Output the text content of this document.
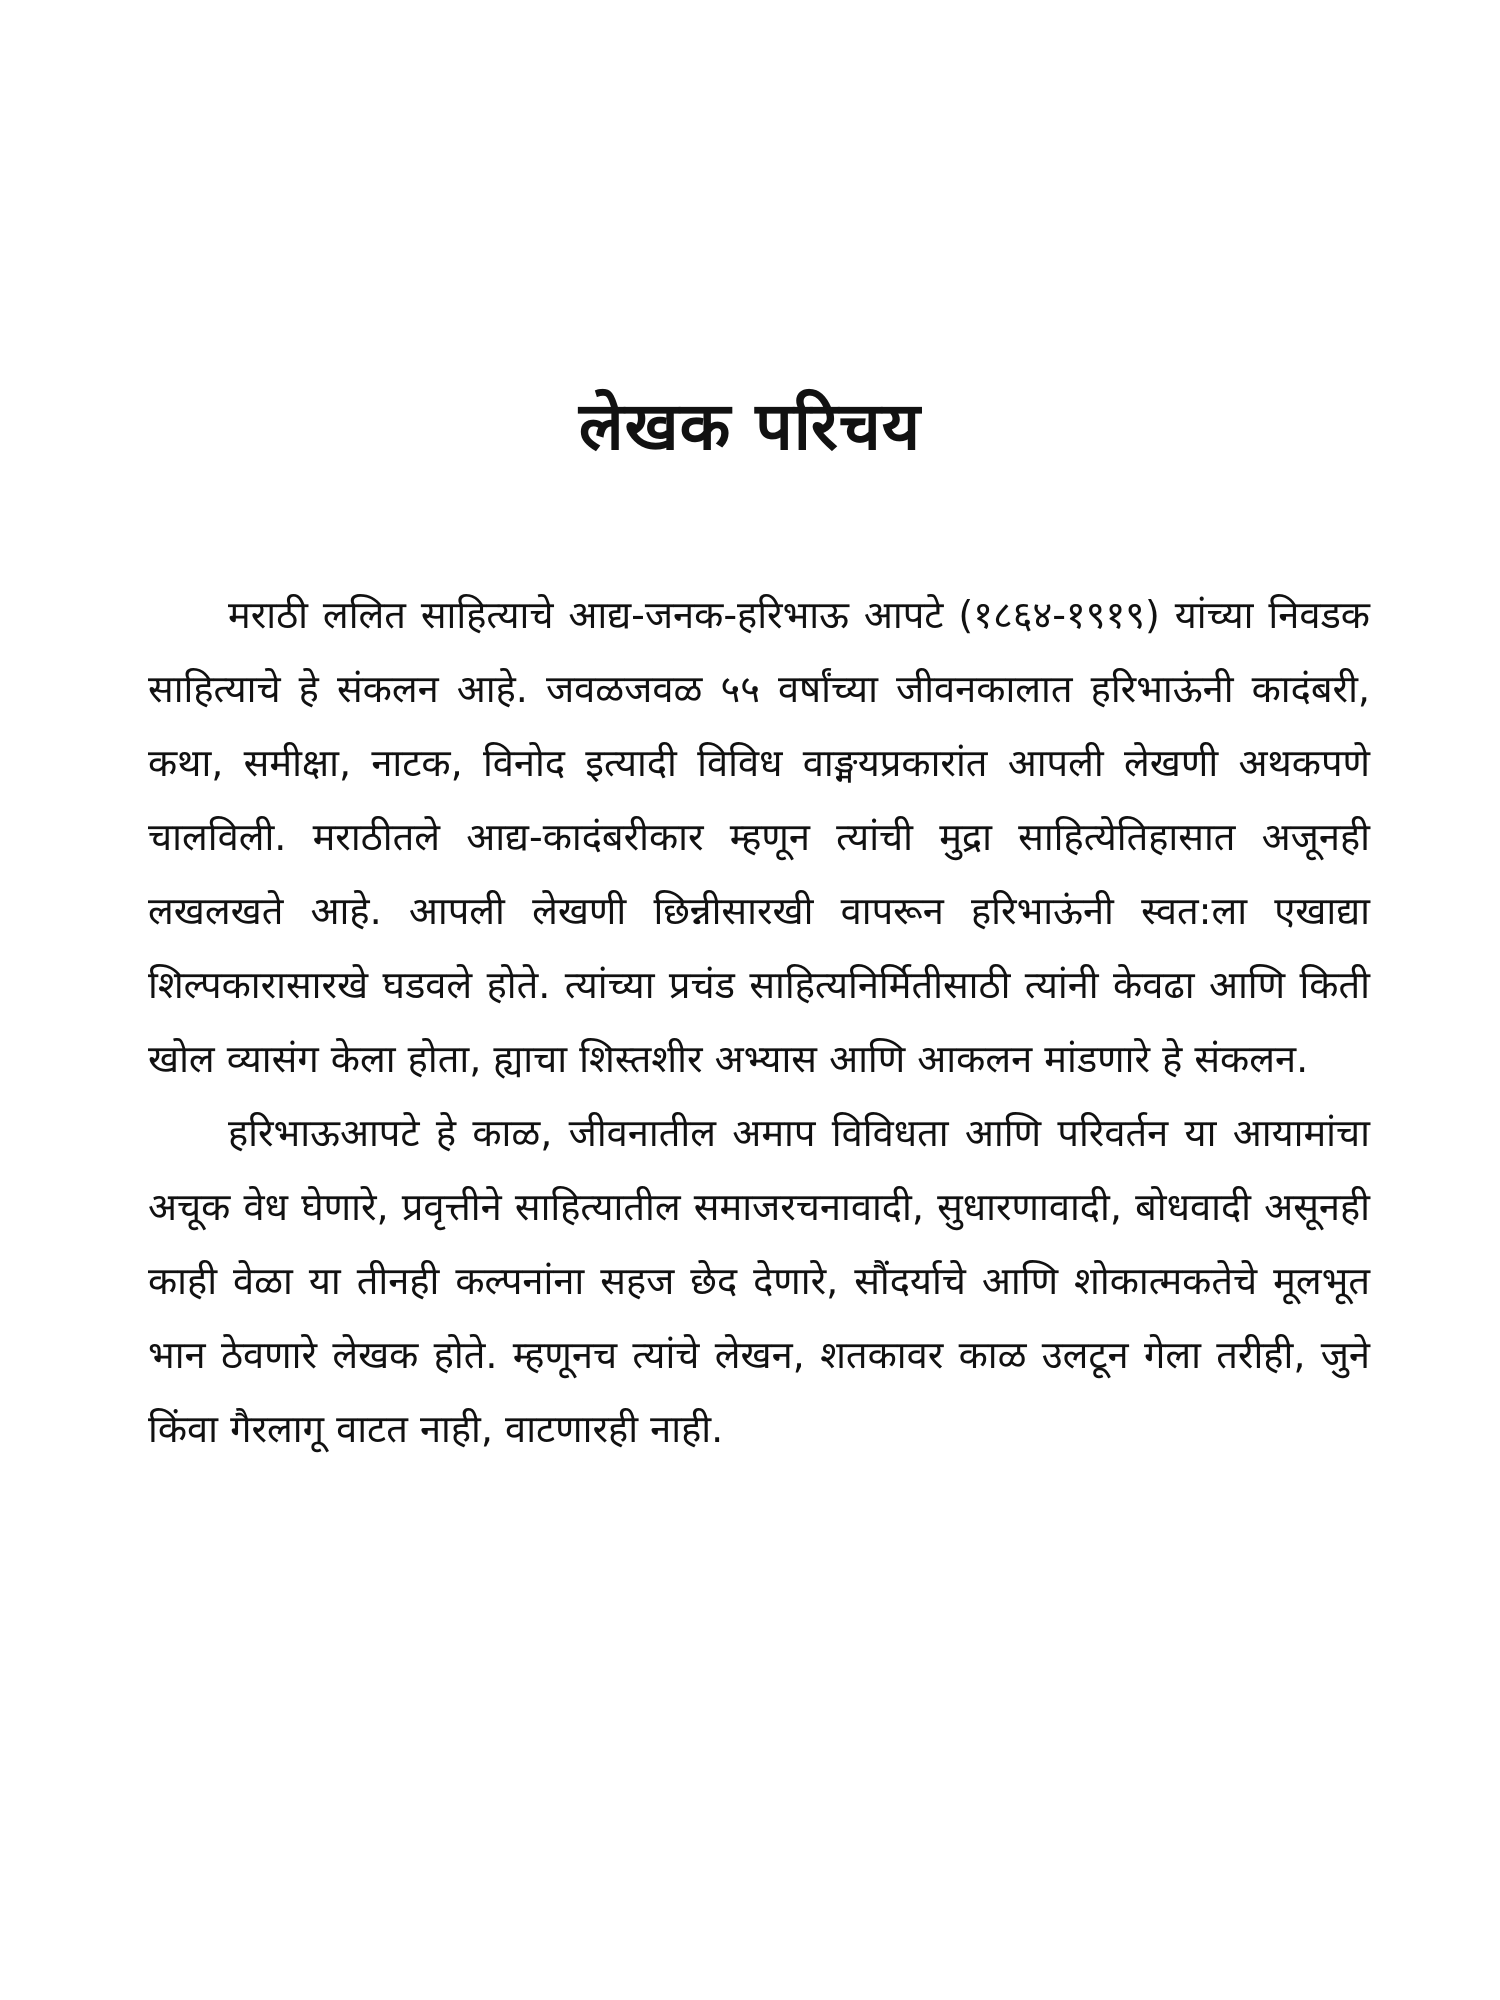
लेखक परिचय

मराठी ललित साहित्याचे आद्य-जनक-हरिभाऊ आपटे (१८६४-१९१९) यांच्या निवडक साहित्याचे हे संकलन आहे. जवळजवळ ५५ वर्षांच्या जीवनकालात हरिभाऊंनी कादंबरी, कथा, समीक्षा, नाटक, विनोद इत्यादी विविध वाङ्मयप्रकारांत आपली लेखणी अथकपणे चालविली. मराठीतले आद्य-कादंबरीकार म्हणून त्यांची मुद्रा साहित्येतिहासात अजूनही लखलखते आहे. आपली लेखणी छिन्नीसारखी वापरून हरिभाऊंनी स्वत:ला एखाद्या शिल्पकारासारखे घडवले होते. त्यांच्या प्रचंड साहित्यनिर्मितीसाठी त्यांनी केवढा आणि किती खोल व्यासंग केला होता, ह्याचा शिस्तशीर अभ्यास आणि आकलन मांडणारे हे संकलन.

हरिभाऊआपटे हे काळ, जीवनातील अमाप विविधता आणि परिवर्तन या आयामांचा अचूक वेध घेणारे, प्रवृत्तीने साहित्यातील समाजरचनावादी, सुधारणावादी, बोधवादी असूनही काही वेळा या तीनही कल्पनांना सहज छेद देणारे, सौंदर्याचे आणि शोकात्मकतेचे मूलभूत भान ठेवणारे लेखक होते. म्हणूनच त्यांचे लेखन, शतकावर काळ उलटून गेला तरीही, जुने किंवा गैरलागू वाटत नाही, वाटणारही नाही.
